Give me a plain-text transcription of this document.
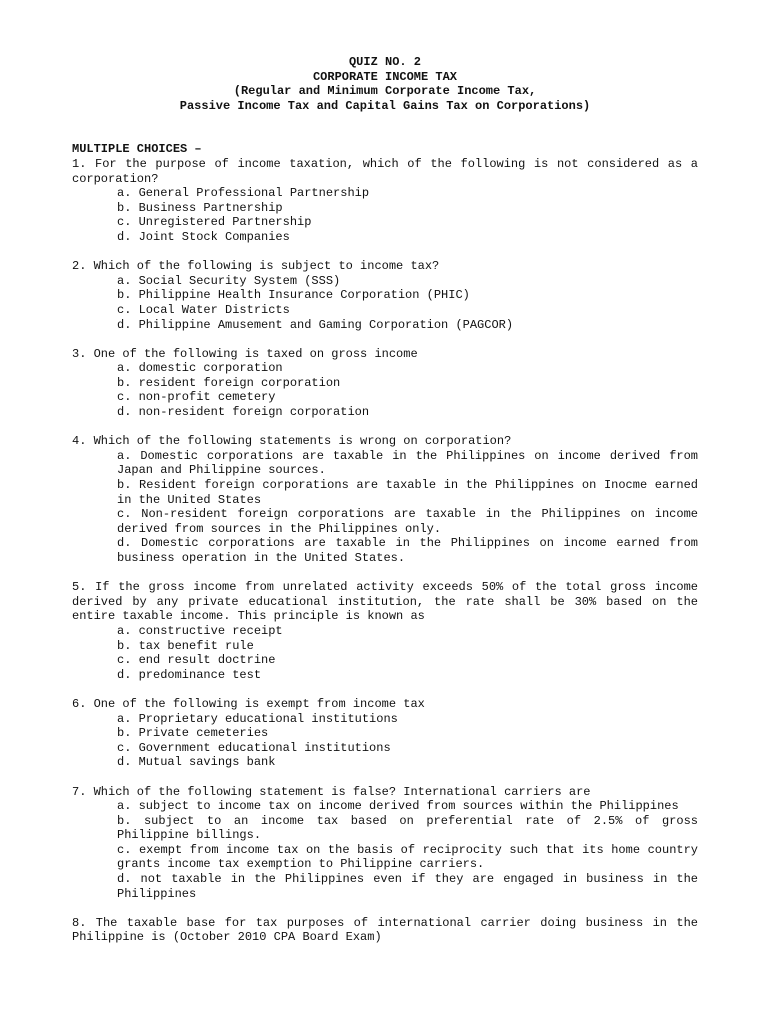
QUIZ NO. 2
CORPORATE INCOME TAX
(Regular and Minimum Corporate Income Tax,
Passive Income Tax and Capital Gains Tax on Corporations)
MULTIPLE CHOICES –
1. For the purpose of income taxation, which of the following is not considered as a corporation?
a. General Professional Partnership
b. Business Partnership
c. Unregistered Partnership
d. Joint Stock Companies
2. Which of the following is subject to income tax?
a. Social Security System (SSS)
b. Philippine Health Insurance Corporation (PHIC)
c. Local Water Districts
d. Philippine Amusement and Gaming Corporation (PAGCOR)
3. One of the following is taxed on gross income
a. domestic corporation
b. resident foreign corporation
c. non-profit cemetery
d. non-resident foreign corporation
4. Which of the following statements is wrong on corporation?
a. Domestic corporations are taxable in the Philippines on income derived from Japan and Philippine sources.
b. Resident foreign corporations are taxable in the Philippines on Inocme earned in the United States
c. Non-resident foreign corporations are taxable in the Philippines on income derived from sources in the Philippines only.
d. Domestic corporations are taxable in the Philippines on income earned from business operation in the United States.
5. If the gross income from unrelated activity exceeds 50% of the total gross income derived by any private educational institution, the rate shall be 30% based on the entire taxable income. This principle is known as
a. constructive receipt
b. tax benefit rule
c. end result doctrine
d. predominance test
6. One of the following is exempt from income tax
a. Proprietary educational institutions
b. Private cemeteries
c. Government educational institutions
d. Mutual savings bank
7. Which of the following statement is false? International carriers are
a. subject to income tax on income derived from sources within the Philippines
b. subject to an income tax based on preferential rate of 2.5% of gross Philippine billings.
c. exempt from income tax on the basis of reciprocity such that its home country grants income tax exemption to Philippine carriers.
d. not taxable in the Philippines even if they are engaged in business in the Philippines
8. The taxable base for tax purposes of international carrier doing business in the Philippine is (October 2010 CPA Board Exam)
